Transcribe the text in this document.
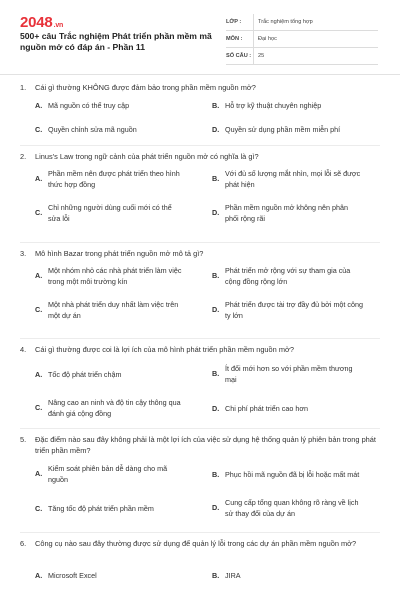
2048.vn
500+ câu Trắc nghiệm Phát triển phần mềm mã nguồn mở có đáp án - Phần 11
LỚP :	Trắc nghiệm tổng hợp
MÔN :	Đại học
SỐ CÂU :	25
1.	Cái gì thường KHÔNG được đảm bảo trong phần mềm nguồn mở?
A. Mã nguồn có thể truy cập	B. Hỗ trợ kỹ thuật chuyên nghiệp
C. Quyền chỉnh sửa mã nguồn	D. Quyền sử dụng phần mềm miễn phí
2.	Linus's Law trong ngữ cảnh của phát triển nguồn mở có nghĩa là gì?
A.
Phần mềm nên được phát triển theo hình thức hợp đồng
B.
Với đủ số lượng mắt nhìn, mọi lỗi sẽ được phát hiện
C.
Chỉ những người dùng cuối mới có thể sửa lỗi
D.
Phần mềm nguồn mở không nên phân phối rộng rãi
3.	Mô hình Bazar trong phát triển nguồn mở mô tả gì?
A.
Một nhóm nhỏ các nhà phát triển làm việc trong một môi trường kín
B.
Phát triển mở rộng với sự tham gia của cộng đồng rộng lớn
C.
Một nhà phát triển duy nhất làm việc trên một dự án
D.
Phát triển được tài trợ đầy đủ bởi một công ty lớn
4.	Cái gì thường được coi là lợi ích của mô hình phát triển phần mềm nguồn mở?
A. Tốc độ phát triển chậm	B.
Ít đổi mới hơn so với phần mềm thương mại
C.
Nâng cao an ninh và độ tin cậy thông qua đánh giá cộng đồng	D. Chi phí phát triển cao hơn
5.	Đặc điểm nào sau đây không phải là một lợi ích của việc sử dụng hệ thống quản lý phiên bản trong phát triển phần mềm?
A.
Kiểm soát phiên bản dễ dàng cho mã nguồn	B. Phục hồi mã nguồn đã bị lỗi hoặc mất mát
C. Tăng tốc độ phát triển phần mềm	D.
Cung cấp tổng quan không rõ ràng về lịch sử thay đổi của dự án
6.	Công cụ nào sau đây thường được sử dụng để quản lý lỗi trong các dự án phần mềm nguồn mở?
A. Microsoft Excel	B. JIRA
